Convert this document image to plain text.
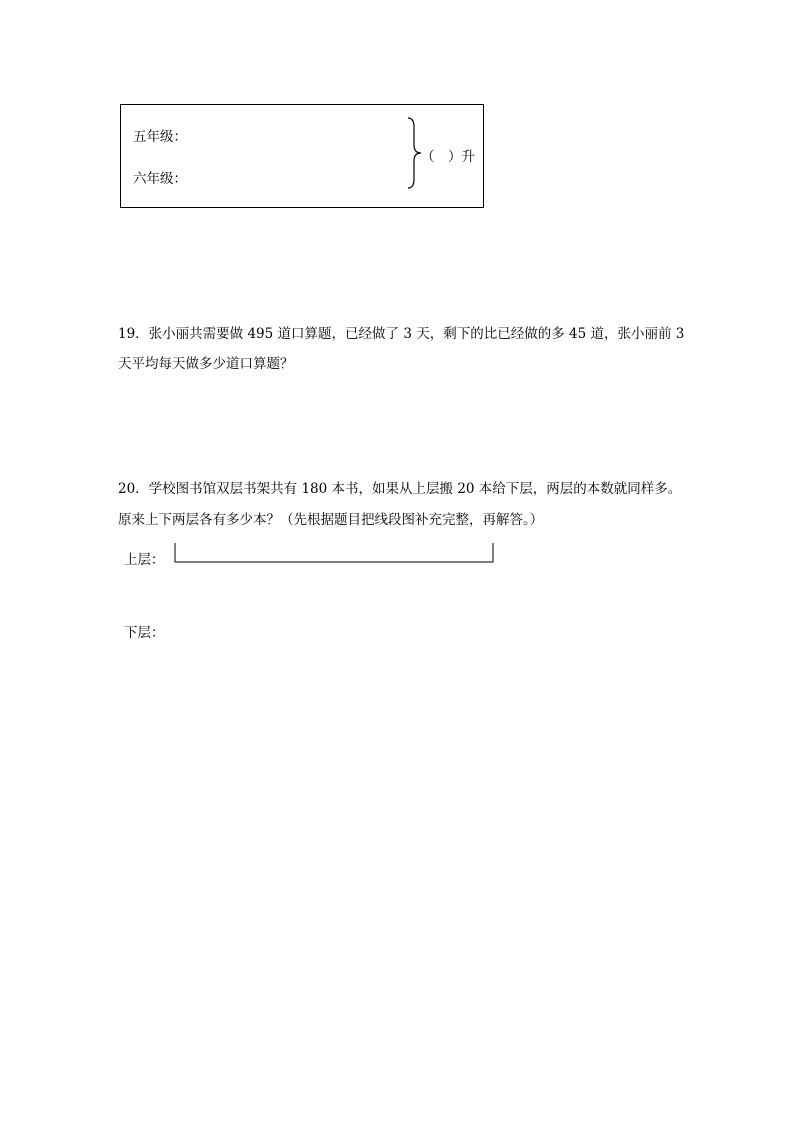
五年级：
六年级：
（　）升
19．张小丽共需要做 495 道口算题，已经做了 3 天，剩下的比已经做的多 45 道，张小丽前 3
天平均每天做多少道口算题？
20．学校图书馆双层书架共有 180 本书，如果从上层搬 20 本给下层，两层的本数就同样多。
原来上下两层各有多少本？（先根据题目把线段图补充完整，再解答。）
上层：
下层：
